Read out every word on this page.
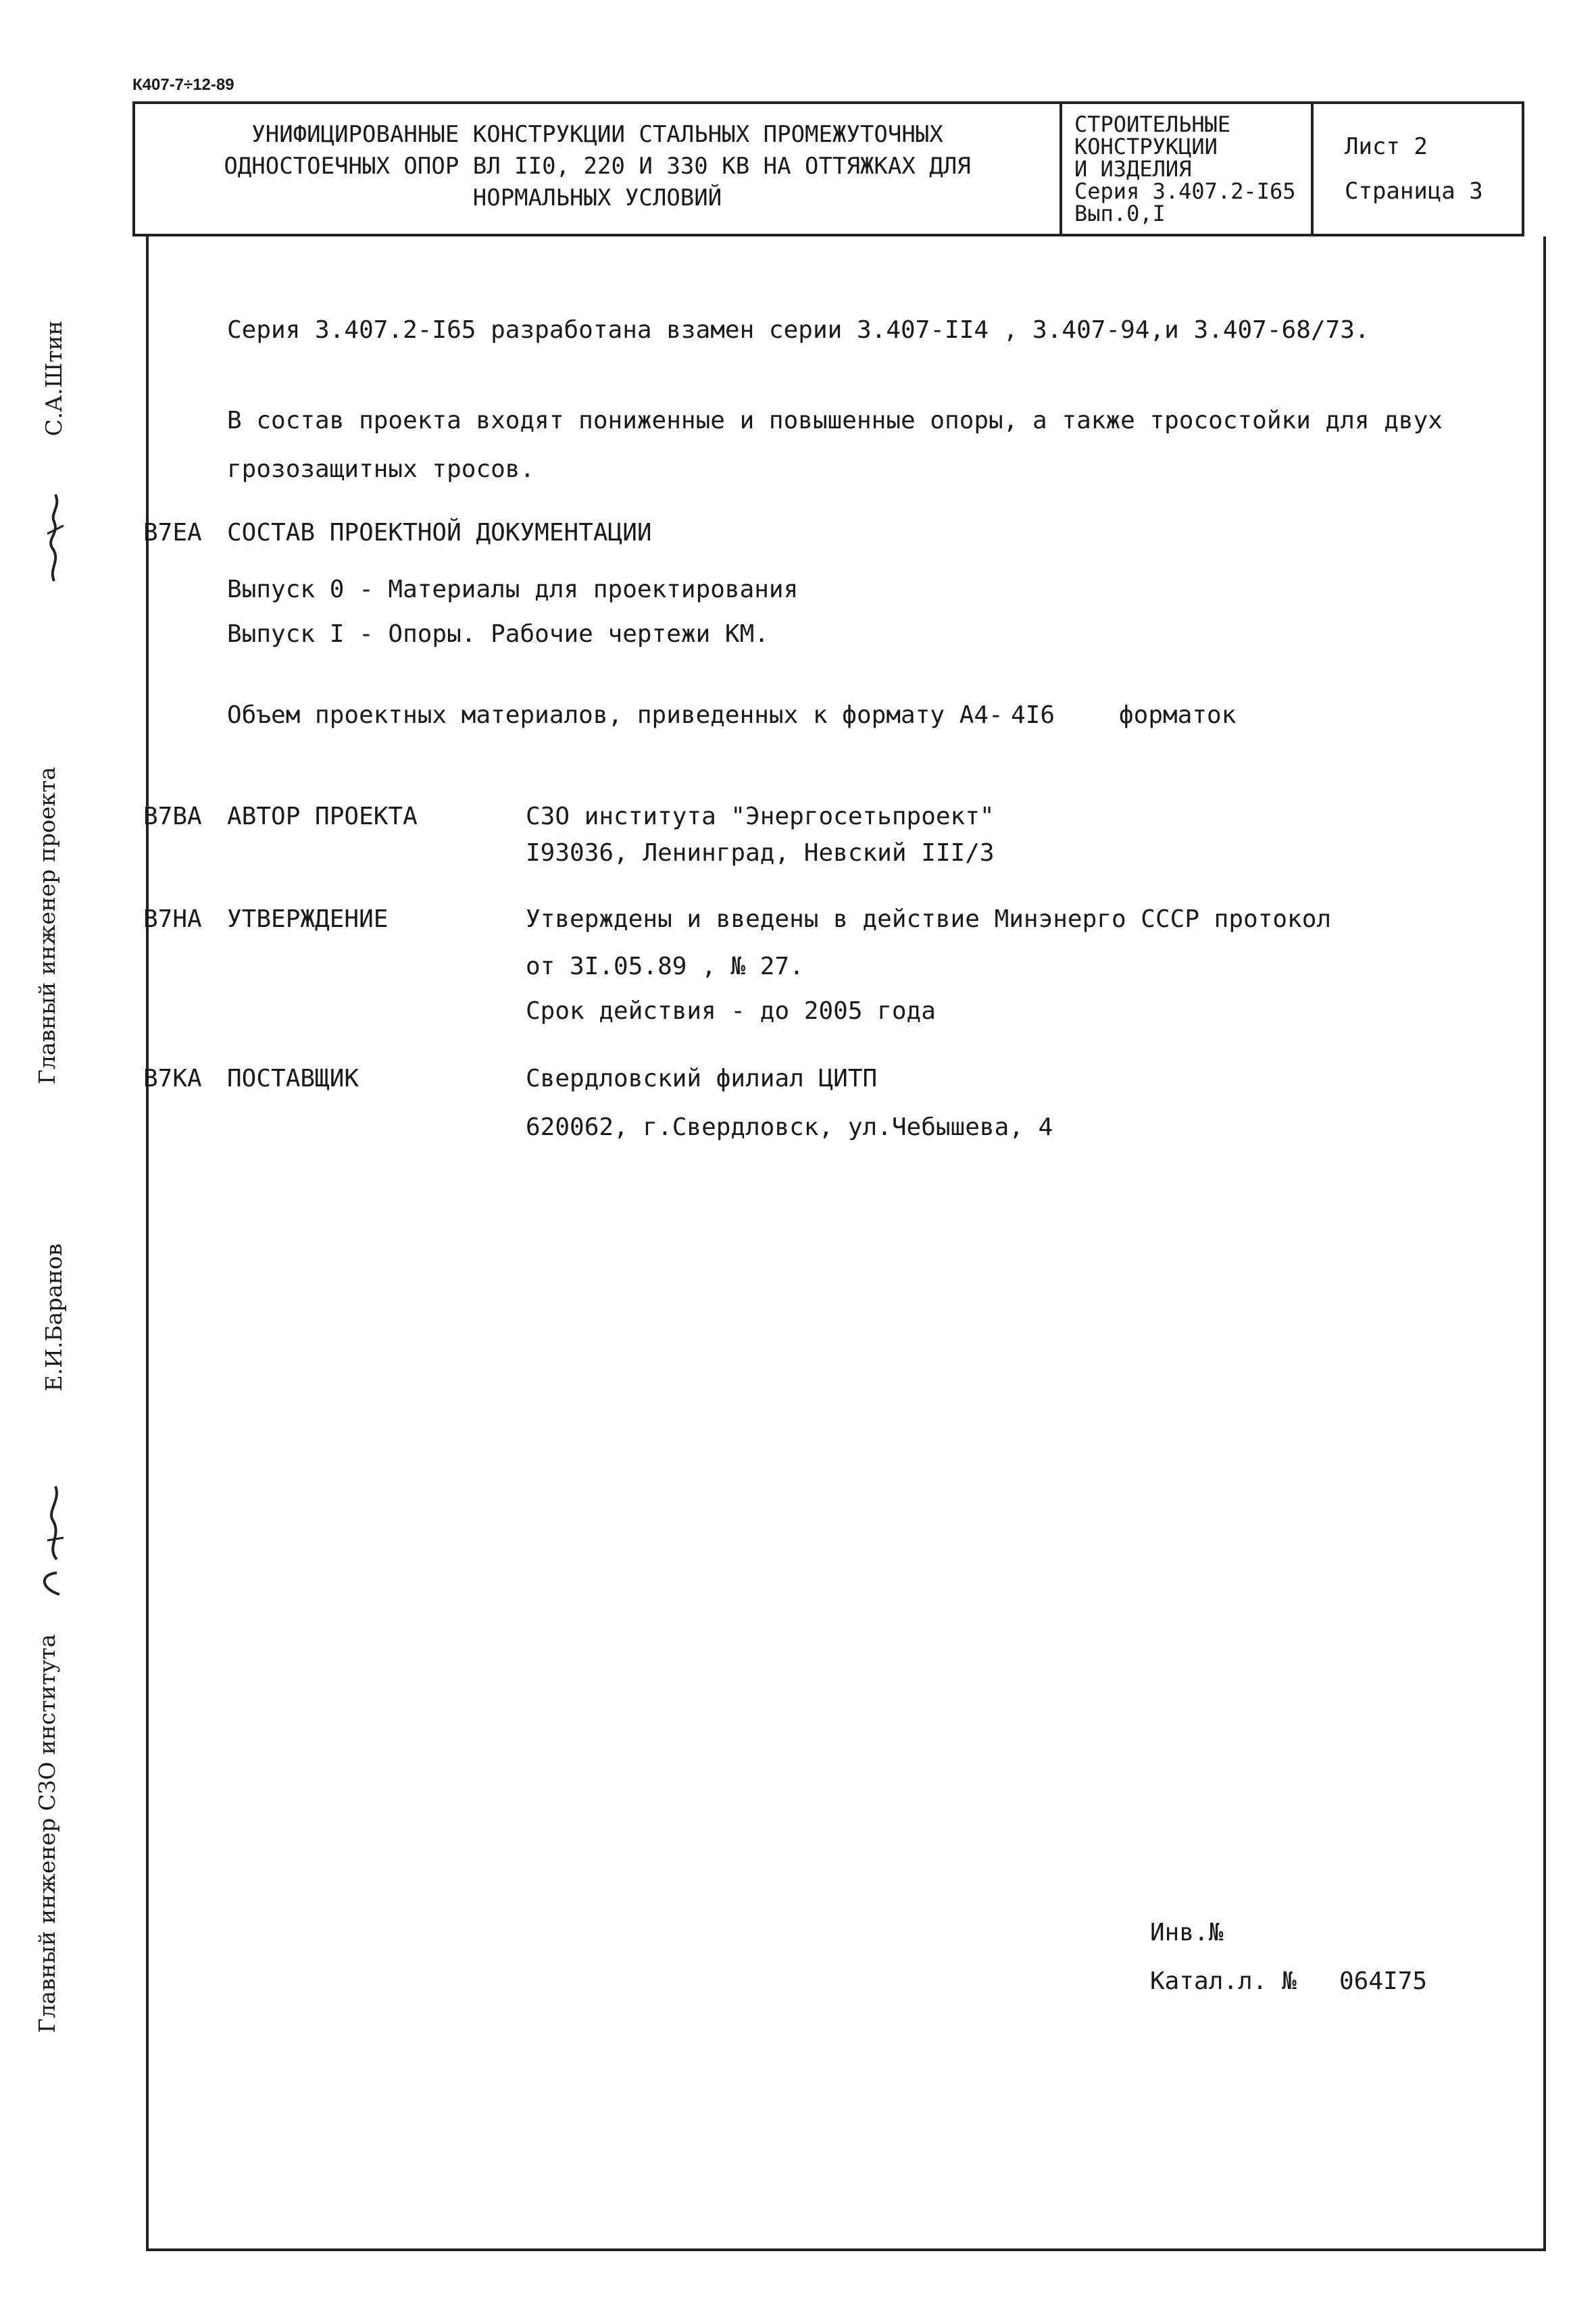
К407-7÷12-89
УНИФИЦИРОВАННЫЕ КОНСТРУКЦИИ СТАЛЬНЫХ ПРОМЕЖУТОЧНЫХ
ОДНОСТОЕЧНЫХ ОПОР ВЛ II0, 220 И 330 КВ НА ОТТЯЖКАХ ДЛЯ
НОРМАЛЬНЫХ УСЛОВИЙ
СТРОИТЕЛЬНЫЕ
КОНСТРУКЦИИ
И ИЗДЕЛИЯ
Серия 3.407.2-I65
Вып.0,I
Лист 2
Страница 3
Серия 3.407.2-I65 разработана взамен серии 3.407-II4 , 3.407-94,и 3.407-68/73.
В состав проекта входят пониженные и повышенные опоры, а также тросостойки для двух
грозозащитных тросов.
В7ЕА СОСТАВ ПРОЕКТНОЙ ДОКУМЕНТАЦИИ
Выпуск 0 - Материалы для проектирования
Выпуск I - Опоры. Рабочие чертежи КМ.
Объем проектных материалов, приведенных к формату А4- 4I6	форматок
В7ВА АВТОР ПРОЕКТА	СЗО института "Энергосетьпроект"
I93036, Ленинград, Невский III/3
В7НА УТВЕРЖДЕНИЕ	Утверждены и введены в действие Минэнерго СССР протокол
от 3I.05.89 , № 27.
Срок действия - до 2005 года
В7КА ПОСТАВЩИК	Свердловский филиал ЦИТП
620062, г.Свердловск, ул.Чебышева, 4
Инв.№
Катал.л. № 064I75
С.А.Штин
Главный инженер проекта
Е.И.Баранов
Главный инженер СЗО института
